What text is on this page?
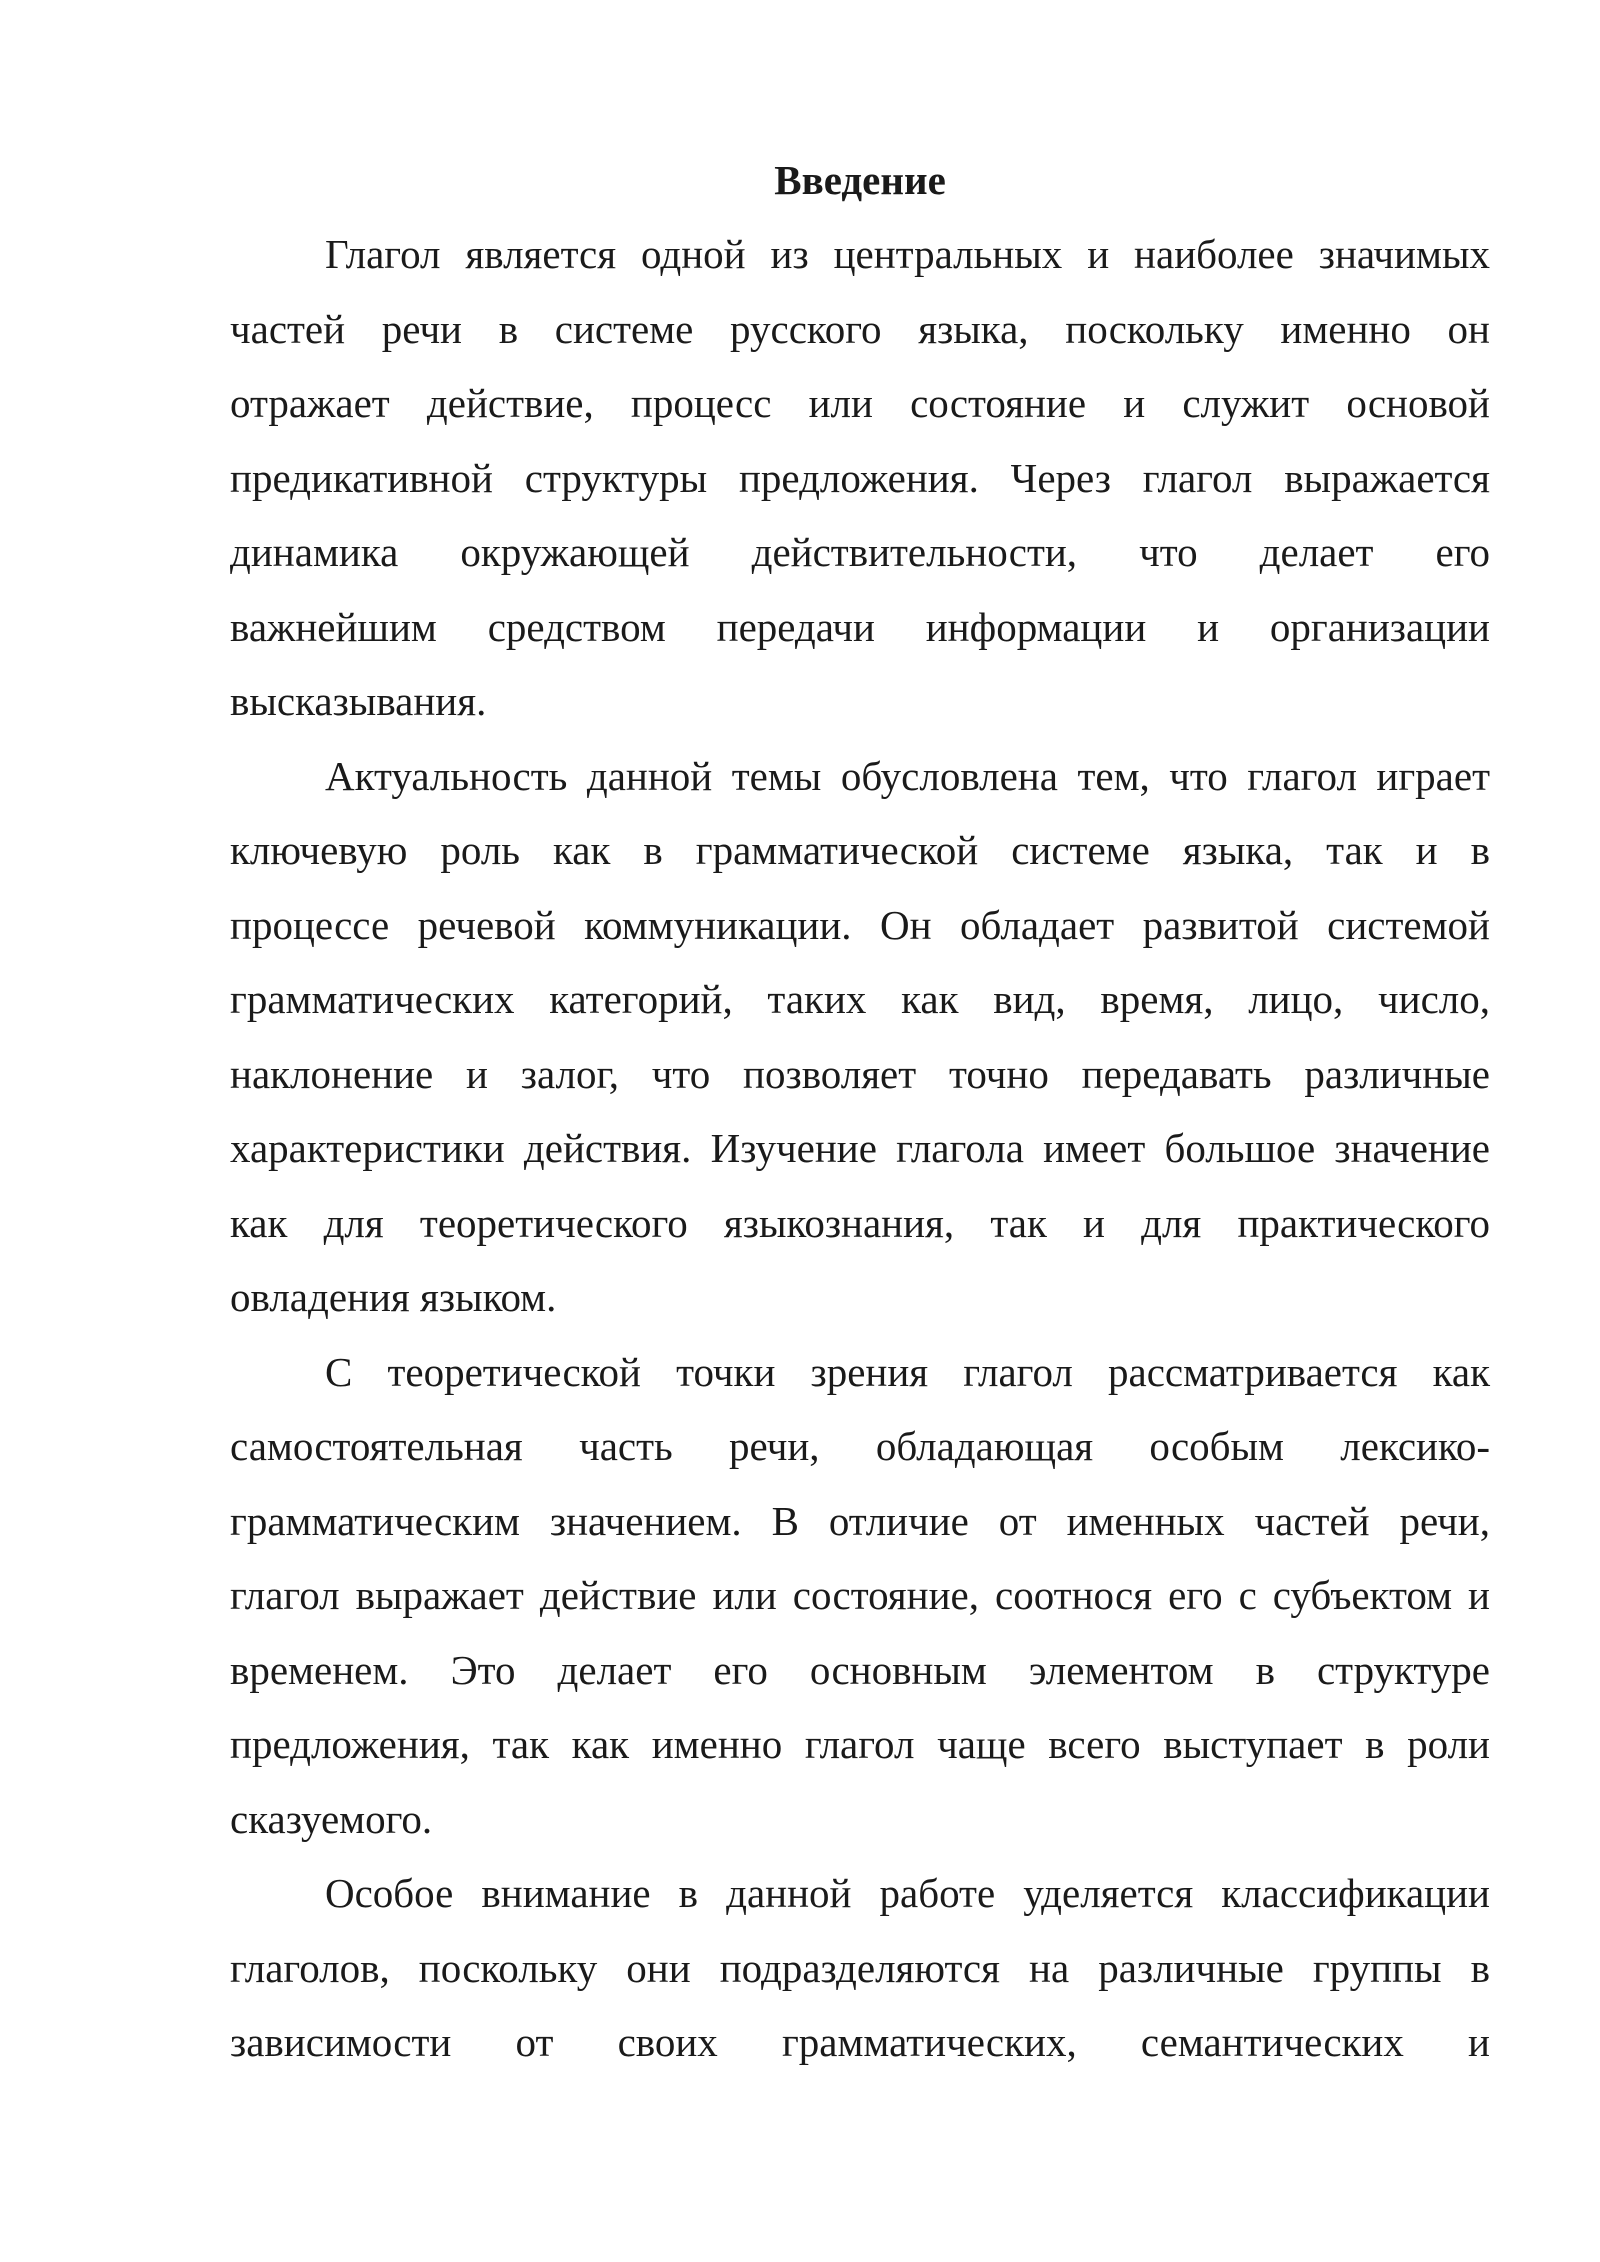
Введение
Глагол является одной из центральных и наиболее значимых
частей речи в системе русского языка, поскольку именно он
отражает действие, процесс или состояние и служит основой
предикативной структуры предложения. Через глагол выражается
динамика окружающей действительности, что делает его
важнейшим средством передачи информации и организации
высказывания.
Актуальность данной темы обусловлена тем, что глагол играет
ключевую роль как в грамматической системе языка, так и в
процессе речевой коммуникации. Он обладает развитой системой
грамматических категорий, таких как вид, время, лицо, число,
наклонение и залог, что позволяет точно передавать различные
характеристики действия. Изучение глагола имеет большое значение
как для теоретического языкознания, так и для практического
овладения языком.
С теоретической точки зрения глагол рассматривается как
самостоятельная часть речи, обладающая особым лексико-
грамматическим значением. В отличие от именных частей речи,
глагол выражает действие или состояние, соотнося его с субъектом и
временем. Это делает его основным элементом в структуре
предложения, так как именно глагол чаще всего выступает в роли
сказуемого.
Особое внимание в данной работе уделяется классификации
глаголов, поскольку они подразделяются на различные группы в
зависимости от своих грамматических, семантических и
